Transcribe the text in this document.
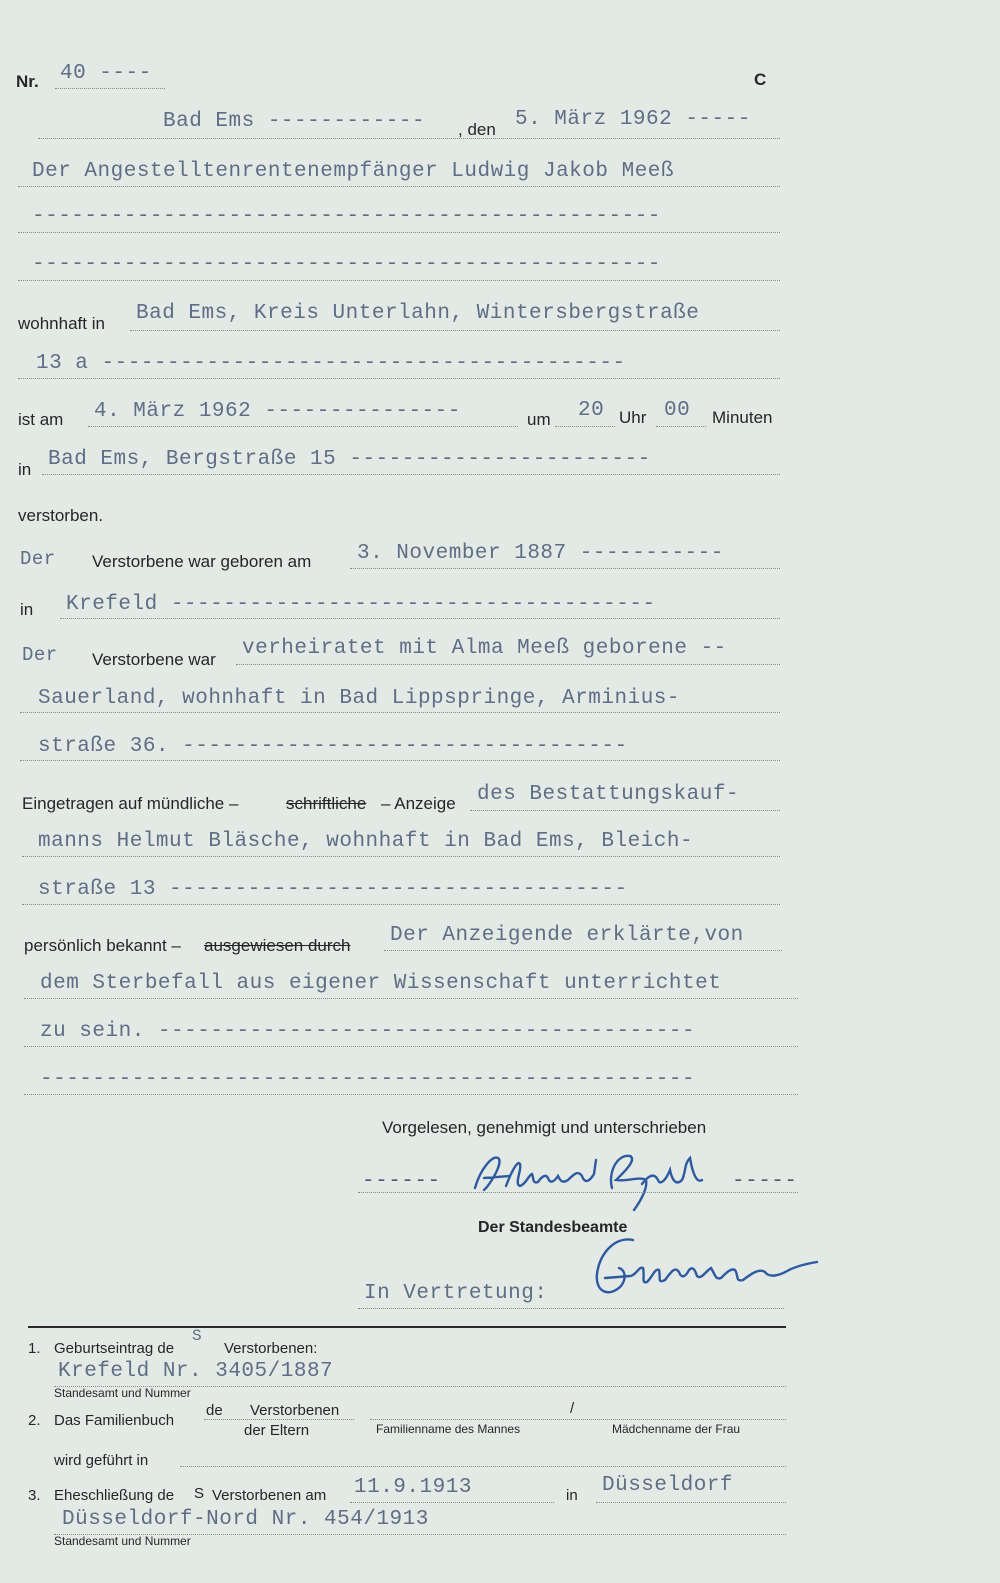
Nr. 40 ----	C
Bad Ems ------------ , den 5. März 1962 -----
Der Angestelltenrentenempfänger Ludwig Jakob Meeß
------------------------------------------------
------------------------------------------------
wohnhaft in Bad Ems, Kreis Unterlahn, Wintersbergstraße
13 a ----------------------------------------
ist am 4. März 1962 ---------------	um 20 Uhr 00 Minuten
in Bad Ems, Bergstraße 15 -----------------------
verstorben.
Der Verstorbene war geboren am 3. November 1887 -----------
in Krefeld -------------------------------------
Der Verstorbene war verheiratet mit Alma Meeß geborene --
Sauerland, wohnhaft in Bad Lippspringe, Arminius-
straße 36. ----------------------------------
Eingetragen auf mündliche –	schriftliche – Anzeige des Bestattungskauf-
manns Helmut Bläsche, wohnhaft in Bad Ems, Bleich-
straße 13 -----------------------------------
persönlich bekannt – ausgewiesen durch Der Anzeigende erklärte,von
dem Sterbefall aus eigener Wissenschaft unterrichtet
zu sein. -----------------------------------------
--------------------------------------------------
Vorgelesen, genehmigt und unterschrieben
------	-----
Der Standesbeamte
In Vertretung:
1. Geburtseintrag de
S
Verstorbenen:
Krefeld Nr. 3405/1887
Standesamt und Nummer
2. Das Familienbuch
de Verstorbenen
der Eltern
/
Familienname des Mannes	Mädchenname der Frau
wird geführt in
3. Eheschließung de S Verstorbenen am 11.9.1913	in Düsseldorf
Düsseldorf-Nord Nr. 454/1913
Standesamt und Nummer
